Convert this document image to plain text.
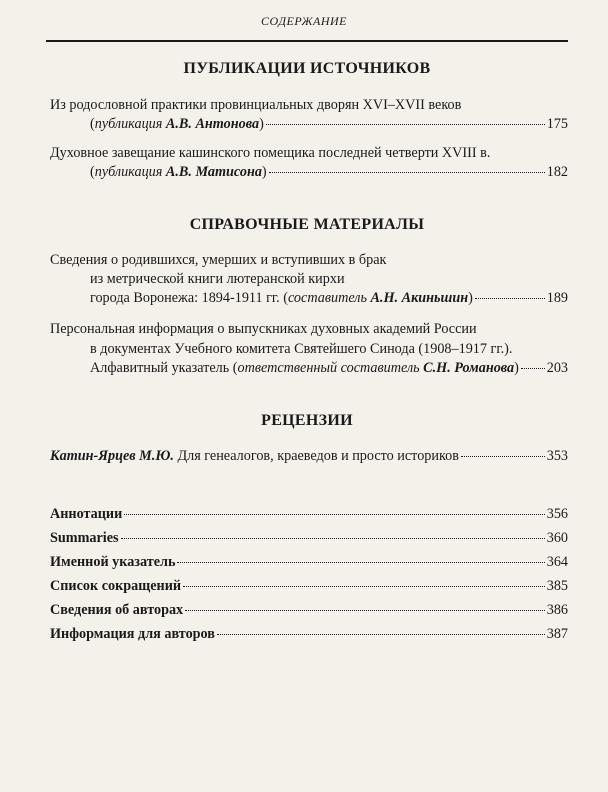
СОДЕРЖАНИЕ
ПУБЛИКАЦИИ ИСТОЧНИКОВ
Из родословной практики провинциальных дворян XVI–XVII веков
(публикация А.В. Антонова)	175
Духовное завещание кашинского помещика последней четверти XVIII в.
(публикация А.В. Матисона)	182
СПРАВОЧНЫЕ МАТЕРИАЛЫ
Сведения о родившихся, умерших и вступивших в брак
из метрической книги лютеранской кирхи
города Воронежа: 1894-1911 гг. (составитель А.Н. Акиньшин)	189
Персональная информация о выпускниках духовных академий России
в документах Учебного комитета Святейшего Синода (1908–1917 гг.).
Алфавитный указатель (ответственный составитель С.Н. Романова) 203
РЕЦЕНЗИИ
Катин-Ярцев М.Ю. Для генеалогов, краеведов и просто историков	353
Аннотации	356
Summaries	360
Именной указатель	364
Список сокращений	385
Сведения об авторах	386
Информация для авторов	387
